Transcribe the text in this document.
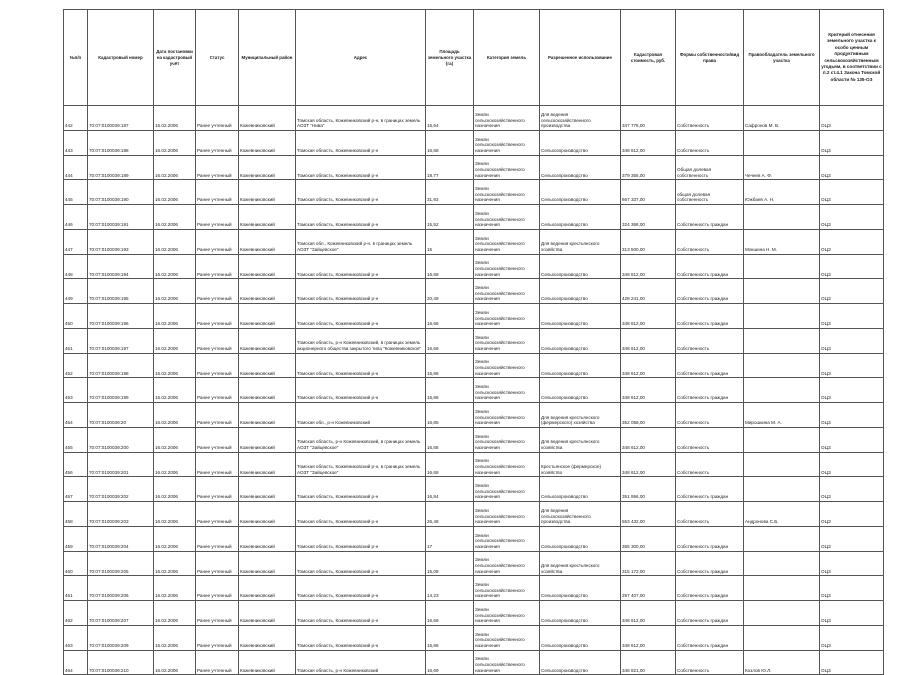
№п/п	Кадастровый номер	Дата постановки на кадастровый учёт	Статус	Муниципальный район	Адрес	Площадь земельного участка (га)	Категория земель	Разрешенное использование	Кадастровая стоимость, руб.	Формы собственности/вид права	Правообладатель земельного участка	Критерий отнесения земельного участка к особо ценным продуктивным сельскохозяйственным угодьям, в соответствии с п.2 ст.4.1 Закона Томской области № 135-ОЗ
442	70:07:0100039:187	16.02.2006	Ранее учтенный	Кожевниковский	Томская область, Кожевниковский р-н, в границах земель АОЗТ "Нива"	16,64	Земли сельскохозяйственного назначения	Для ведения сельскохозяйственного производства	347 776,00	Собственность	Сафронов М. В.	ОЦЗ
443	70:07:0100039:188	16.02.2006	Ранее учтенный	Кожевниковский	Томская область, Кожевниковский р-н	16,68	Земли сельскохозяйственного назначения	Сельхозпроизводство	348 612,00	Собственность		ОЦЗ
444	70:07:0100039:189	16.02.2006	Ранее учтенный	Кожевниковский	Томская область, Кожевниковский р-н	18,77	Земли сельскохозяйственного назначения	Сельхозпроизводство	379 355,00	Общая долевая собственность	Чечнев А. Ф.	ОЦЗ
445	70:07:0100039:190	16.02.2006	Ранее учтенный	Кожевниковский	Томская область, Кожевниковский р-н	31,93	Земли сельскохозяйственного назначения	Сельхозпроизводство	667 337,00	общая долевая собственность	Южбаев А. Н.	ОЦЗ
446	70:07:0100039:191	16.02.2006	Ранее учтенный	Кожевниковский	Томская область, Кожевниковский р-н	15,52	Земли сельскохозяйственного назначения	Сельхозпроизводство	324 368,00	Собственность граждан		ОЦЗ
447	70:07:0100039:193	16.02.2006	Ранее учтенный	Кожевниковский	Томская обл., Кожевниковский р-н, в границах земель АОЗТ "Зайцевское"	15	Земли сельскохозяйственного назначения	Для ведения крестьянского хозяйства	313 500,00	Собственность	Мокшина Н. М.	ОЦЗ
448	70:07:0100039:194	16.02.2006	Ранее учтенный	Кожевниковский	Томская область, Кожевниковский р-н	16,68	Земли сельскохозяйственного назначения	Сельхозпроизводство	348 612,00	Собственность граждан		ОЦЗ
449	70:07:0100039:195	16.02.2006	Ранее учтенный	Кожевниковский	Томская область, Кожевниковский р-н	20,49	Земли сельскохозяйственного назначения	Сельхозпроизводство	428 241,00	Собственность граждан		ОЦЗ
450	70:07:0100039:196	16.02.2006	Ранее учтенный	Кожевниковский	Томская область, Кожевниковский р-н	16,68	Земли сельскохозяйственного назначения	Сельхозпроизводство	348 612,00	Собственность граждан		ОЦЗ
451	70:07:0100039:197	16.02.2006	Ранее учтенный	Кожевниковский	Томская область, р-н Кожевниковский, в границах земель акционерного общества закрытого типа "Кожевниковское"	16,68	Земли сельскохозяйственного назначения	Сельхозпроизводство	348 612,00	Собственность		ОЦЗ
452	70:07:0100039:198	16.02.2006	Ранее учтенный	Кожевниковский	Томская область, Кожевниковский р-н	16,68	Земли сельскохозяйственного назначения	Сельхозпроизводство	348 612,00	Собственность граждан		ОЦЗ
453	70:07:0100039:199	16.02.2006	Ранее учтенный	Кожевниковский	Томская область, Кожевниковский р-н	16,68	Земли сельскохозяйственного назначения	Сельхозпроизводство	348 612,00	Собственность граждан		ОЦЗ
454	70:07:0100039:20	16.02.2006	Ранее учтенный	Кожевниковский	Томская обл., р-н Кожевниковский	16,85	Земли сельскохозяйственного назначения	Для ведения крестьянского (фермерского) хозяйства	352 058,00	Собственность	Мирошкина М. А.	ОЦЗ
455	70:07:0100039:200	16.02.2006	Ранее учтенный	Кожевниковский	Томская область, р-н Кожевниковский, в границах земель АОЗТ "Зайцевское"	16,68	Земли сельскохозяйственного назначения	Для ведения крестьянского хозяйства	348 612,00	Собственность		ОЦЗ
456	70:07:0100039:201	16.02.2006	Ранее учтенный	Кожевниковский	Томская область, Кожевниковский р-н, в границах земель АОЗТ "Зайцевское"	16,68	Земли сельскохозяйственного назначения	Крестьянское (фермерское) хозяйство	348 612,00	Собственность		ОЦЗ
457	70:07:0100039:202	16.02.2006	Ранее учтенный	Кожевниковский	Томская область, Кожевниковский р-н	16,84	Земли сельскохозяйственного назначения	Сельхозпроизводство	351 956,00	Собственность граждан		ОЦЗ
458	70:07:0100039:203	16.02.2006	Ранее учтенный	Кожевниковский	Томская область, Кожевниковский р-н	26,48	Земли сельскохозяйственного назначения	Для ведения сельскохозяйственного производства	553 432,00	Собственность	Андронова С.Б.	ОЦЗ
459	70:07:0100039:204	16.02.2006	Ранее учтенный	Кожевниковский	Томская область, Кожевниковский р-н	17	Земли сельскохозяйственного назначения	Сельхозпроизводство	355 300,00	Собственность граждан		ОЦЗ
460	70:07:0100039:205	16.02.2006	Ранее учтенный	Кожевниковский	Томская область, Кожевниковский р-н	15,08	Земли сельскохозяйственного назначения	Для ведения крестьянского хозяйства	315 172,00	Собственность граждан		ОЦЗ
461	70:07:0100039:206	16.02.2006	Ранее учтенный	Кожевниковский	Томская область, Кожевниковский р-н	14,23	Земли сельскохозяйственного назначения	Сельхозпроизводство	297 407,00	Собственность граждан		ОЦЗ
462	70:07:0100039:207	16.02.2006	Ранее учтенный	Кожевниковский	Томская область, Кожевниковский р-н	16,68	Земли сельскохозяйственного назначения	Сельхозпроизводство	348 612,00	Собственность граждан		ОЦЗ
463	70:07:0100039:209	16.02.2006	Ранее учтенный	Кожевниковский	Томская область, Кожевниковский р-н	16,68	Земли сельскохозяйственного назначения	Сельхозпроизводство	348 612,00	Собственность граждан		ОЦЗ
464	70:07:0100039:210	16.02.2006	Ранее учтенный	Кожевниковский	Томская область, р-н Кожевниковский	16,69	Земли сельскохозяйственного назначения	Сельхозпроизводство	348 821,00	Собственность	Козлов Ю.Л.	ОЦЗ
